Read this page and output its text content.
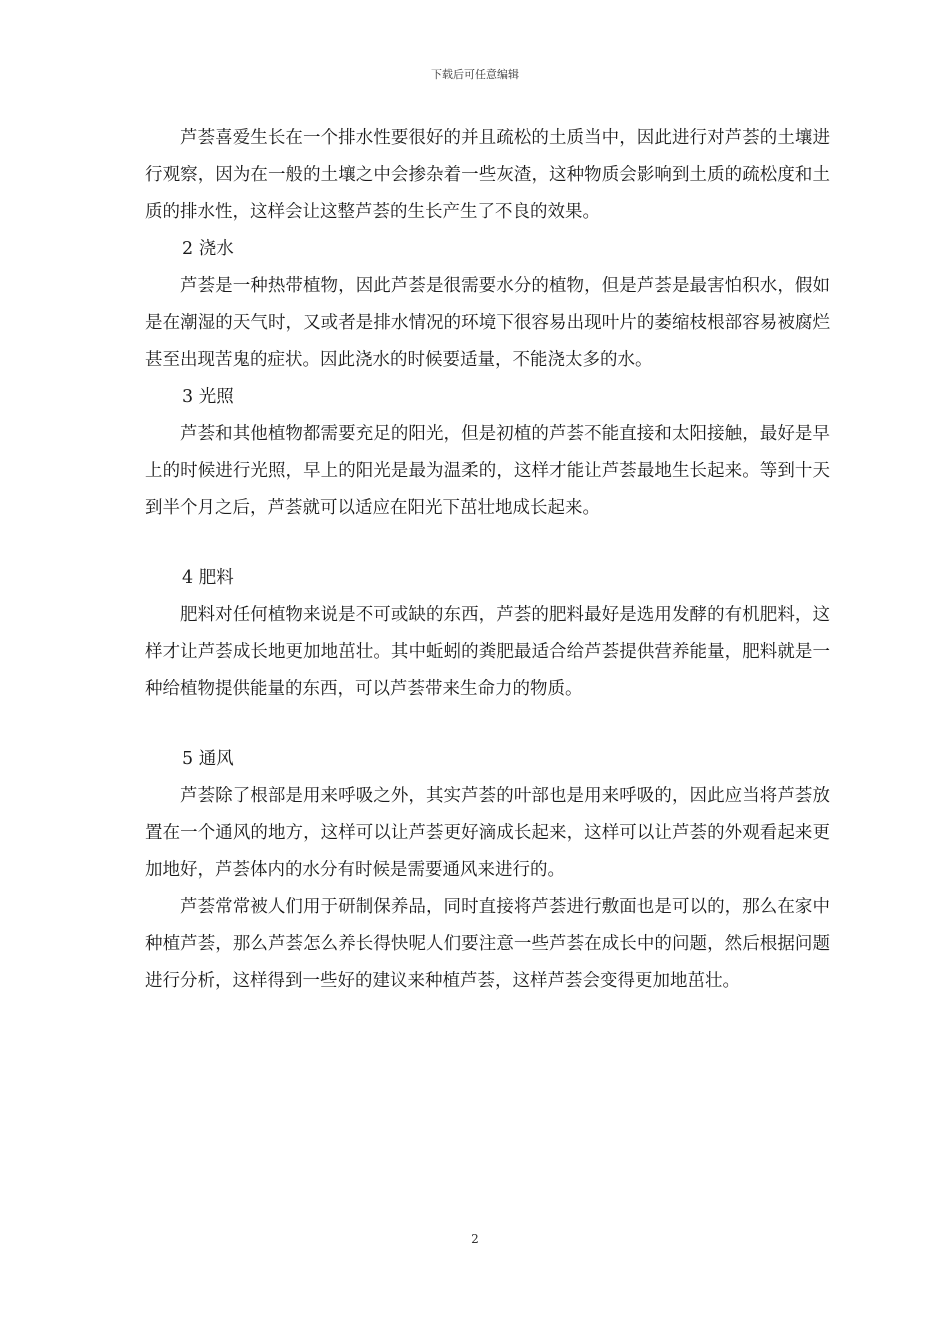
下载后可任意编辑

芦荟喜爱生长在一个排水性要很好的并且疏松的土质当中，因此进行对芦荟的土壤进行观察，因为在一般的土壤之中会掺杂着一些灰渣，这种物质会影响到土质的疏松度和土质的排水性，这样会让这整芦荟的生长产生了不良的效果。

2 浇水

芦荟是一种热带植物，因此芦荟是很需要水分的植物，但是芦荟是最害怕积水，假如是在潮湿的天气时，又或者是排水情况的环境下很容易出现叶片的萎缩枝根部容易被腐烂甚至出现苦鬼的症状。因此浇水的时候要适量，不能浇太多的水。

3 光照

芦荟和其他植物都需要充足的阳光，但是初植的芦荟不能直接和太阳接触，最好是早上的时候进行光照，早上的阳光是最为温柔的，这样才能让芦荟最地生长起来。等到十天到半个月之后，芦荟就可以适应在阳光下茁壮地成长起来。

4 肥料

肥料对任何植物来说是不可或缺的东西，芦荟的肥料最好是选用发酵的有机肥料，这样才让芦荟成长地更加地茁壮。其中蚯蚓的粪肥最适合给芦荟提供营养能量，肥料就是一种给植物提供能量的东西，可以芦荟带来生命力的物质。

5 通风

芦荟除了根部是用来呼吸之外，其实芦荟的叶部也是用来呼吸的，因此应当将芦荟放置在一个通风的地方，这样可以让芦荟更好滴成长起来，这样可以让芦荟的外观看起来更加地好，芦荟体内的水分有时候是需要通风来进行的。

芦荟常常被人们用于研制保养品，同时直接将芦荟进行敷面也是可以的，那么在家中种植芦荟，那么芦荟怎么养长得快呢人们要注意一些芦荟在成长中的问题，然后根据问题进行分析，这样得到一些好的建议来种植芦荟，这样芦荟会变得更加地茁壮。

2
